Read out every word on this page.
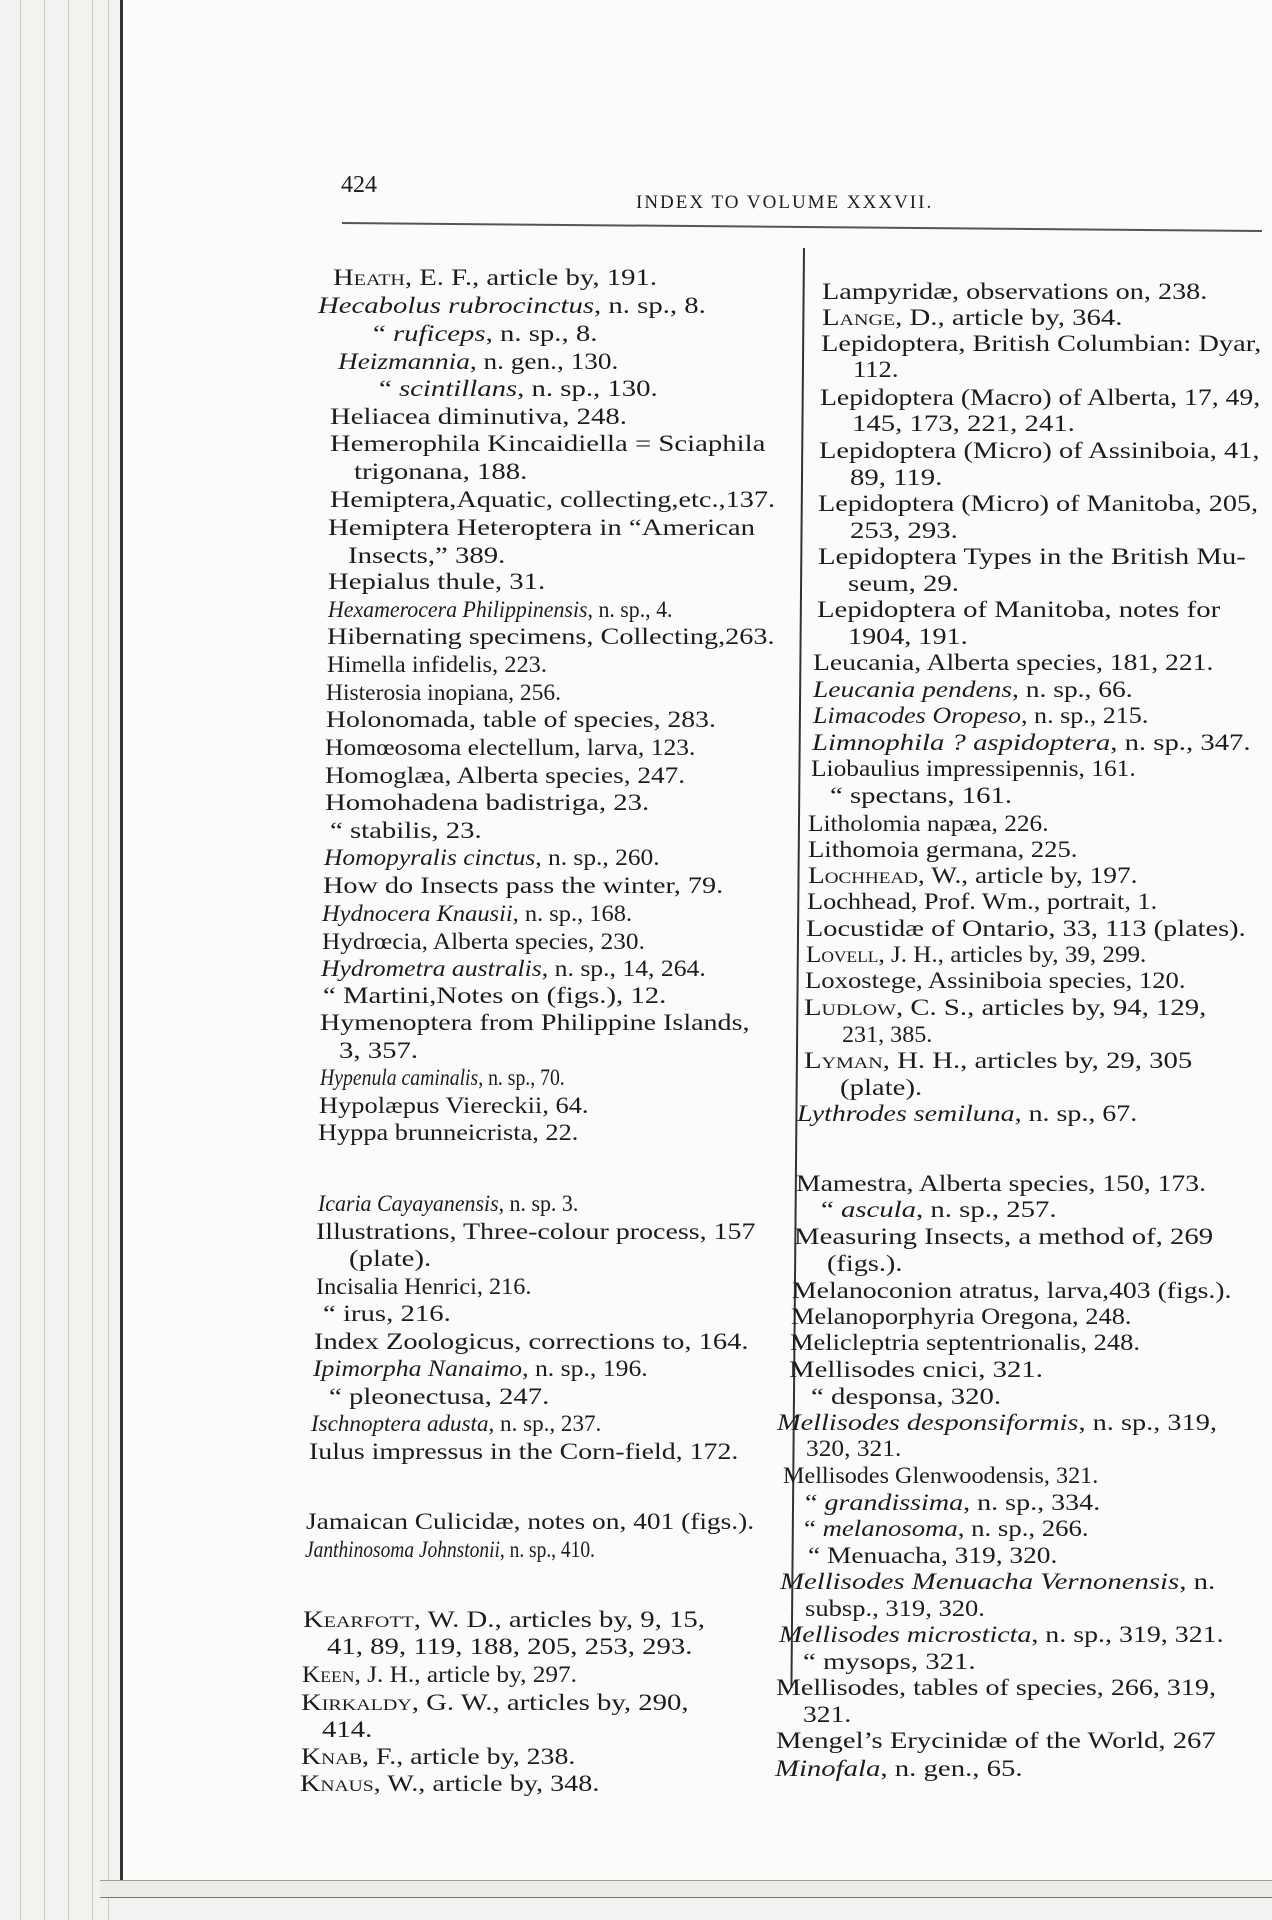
424
INDEX TO VOLUME XXXVII.
Heath, E. F., article by, 191.
Hecabolus rubrocinctus, n. sp., 8.
“ ruficeps, n. sp., 8.
Heizmannia, n. gen., 130.
“ scintillans, n. sp., 130.
Heliacea diminutiva, 248.
Hemerophila Kincaidiella = Sciaphila
trigonana, 188.
Hemiptera,Aquatic, collecting,etc.,137.
Hemiptera Heteroptera in “American
Insects,” 389.
Hepialus thule, 31.
Hexamerocera Philippinensis, n. sp., 4.
Hibernating specimens, Collecting,263.
Himella infidelis, 223.
Histerosia inopiana, 256.
Holonomada, table of species, 283.
Homœosoma electellum, larva, 123.
Homoglæa, Alberta species, 247.
Homohadena badistriga, 23.
“ stabilis, 23.
Homopyralis cinctus, n. sp., 260.
How do Insects pass the winter, 79.
Hydnocera Knausii, n. sp., 168.
Hydrœcia, Alberta species, 230.
Hydrometra australis, n. sp., 14, 264.
“ Martini,Notes on (figs.), 12.
Hymenoptera from Philippine Islands,
3, 357.
Hypenula caminalis, n. sp., 70.
Hypolæpus Viereckii, 64.
Hyppa brunneicrista, 22.
Icaria Cayayanensis, n. sp. 3.
Illustrations, Three-colour process, 157
(plate).
Incisalia Henrici, 216.
“ irus, 216.
Index Zoologicus, corrections to, 164.
Ipimorpha Nanaimo, n. sp., 196.
“ pleonectusa, 247.
Ischnoptera adusta, n. sp., 237.
Iulus impressus in the Corn-field, 172.
Jamaican Culicidæ, notes on, 401 (figs.).
Janthinosoma Johnstonii, n. sp., 410.
Kearfott, W. D., articles by, 9, 15,
41, 89, 119, 188, 205, 253, 293.
Keen, J. H., article by, 297.
Kirkaldy, G. W., articles by, 290,
414.
Knab, F., article by, 238.
Knaus, W., article by, 348.
Lampyridæ, observations on, 238.
Lange, D., article by, 364.
Lepidoptera, British Columbian: Dyar,
112.
Lepidoptera (Macro) of Alberta, 17, 49,
145, 173, 221, 241.
Lepidoptera (Micro) of Assiniboia, 41,
89, 119.
Lepidoptera (Micro) of Manitoba, 205,
253, 293.
Lepidoptera Types in the British Mu-
seum, 29.
Lepidoptera of Manitoba, notes for
1904, 191.
Leucania, Alberta species, 181, 221.
Leucania pendens, n. sp., 66.
Limacodes Oropeso, n. sp., 215.
Limnophila ? aspidoptera, n. sp., 347.
Liobaulius impressipennis, 161.
“ spectans, 161.
Litholomia napæa, 226.
Lithomoia germana, 225.
Lochhead, W., article by, 197.
Lochhead, Prof. Wm., portrait, 1.
Locustidæ of Ontario, 33, 113 (plates).
Lovell, J. H., articles by, 39, 299.
Loxostege, Assiniboia species, 120.
Ludlow, C. S., articles by, 94, 129,
231, 385.
Lyman, H. H., articles by, 29, 305
(plate).
Lythrodes semiluna, n. sp., 67.
Mamestra, Alberta species, 150, 173.
“ ascula, n. sp., 257.
Measuring Insects, a method of, 269
(figs.).
Melanoconion atratus, larva,403 (figs.).
Melanoporphyria Oregona, 248.
Melicleptria septentrionalis, 248.
Mellisodes cnici, 321.
“ desponsa, 320.
Mellisodes desponsiformis, n. sp., 319,
320, 321.
Mellisodes Glenwoodensis, 321.
“ grandissima, n. sp., 334.
“ melanosoma, n. sp., 266.
“ Menuacha, 319, 320.
Mellisodes Menuacha Vernonensis, n.
subsp., 319, 320.
Mellisodes microsticta, n. sp., 319, 321.
“ mysops, 321.
Mellisodes, tables of species, 266, 319,
321.
Mengel’s Erycinidæ of the World, 267
Minofala, n. gen., 65.
